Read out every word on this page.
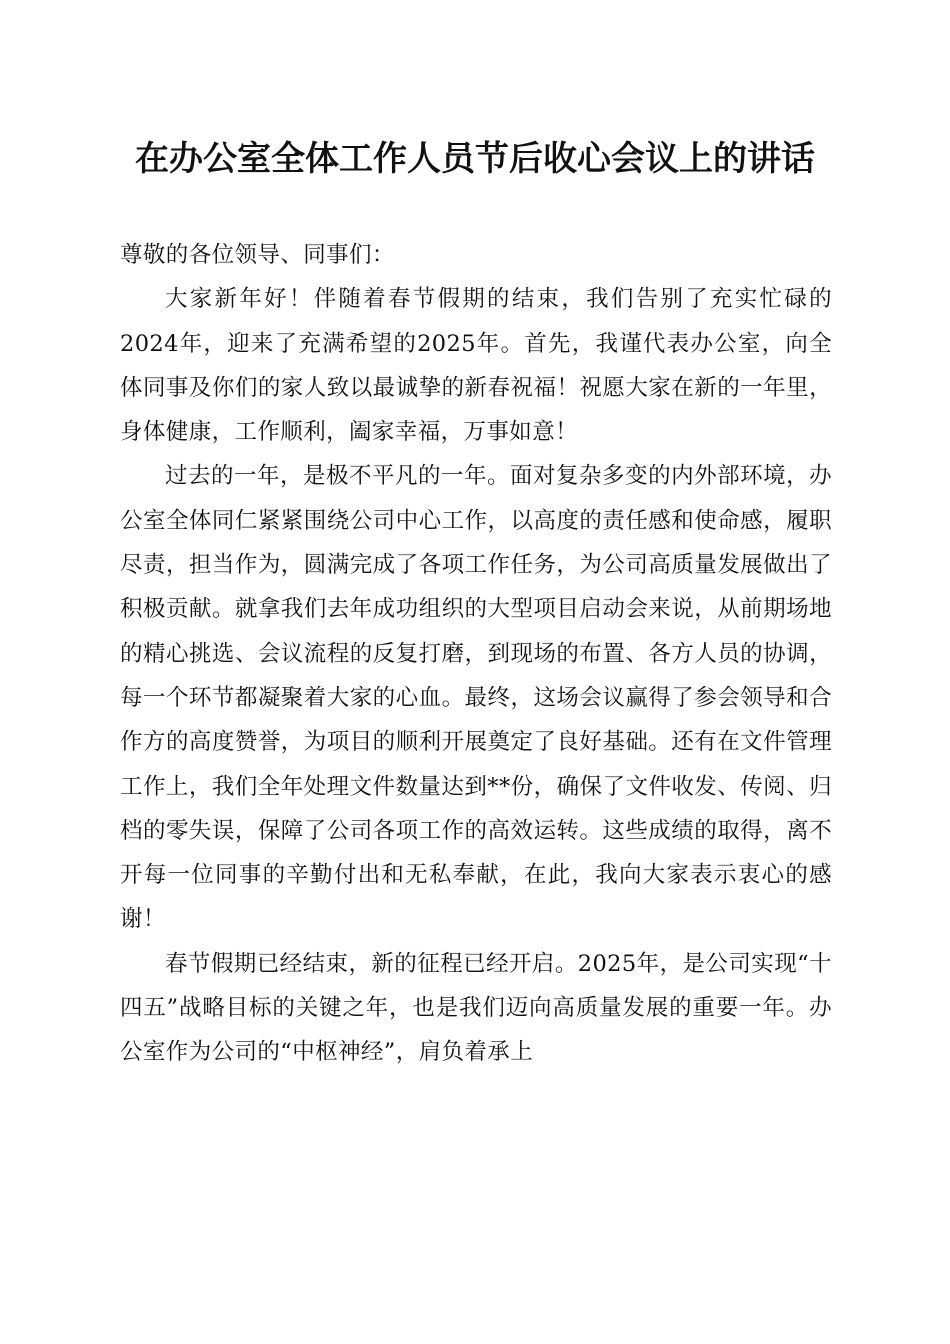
在办公室全体工作人员节后收心会议上的讲话

尊敬的各位领导、同事们：

大家新年好！伴随着春节假期的结束，我们告别了充实忙碌的2024年，迎来了充满希望的2025年。首先，我谨代表办公室，向全体同事及你们的家人致以最诚挚的新春祝福！祝愿大家在新的一年里，身体健康，工作顺利，阖家幸福，万事如意！

过去的一年，是极不平凡的一年。面对复杂多变的内外部环境，办公室全体同仁紧紧围绕公司中心工作，以高度的责任感和使命感，履职尽责，担当作为，圆满完成了各项工作任务，为公司高质量发展做出了积极贡献。就拿我们去年成功组织的大型项目启动会来说，从前期场地的精心挑选、会议流程的反复打磨，到现场的布置、各方人员的协调，每一个环节都凝聚着大家的心血。最终，这场会议赢得了参会领导和合作方的高度赞誉，为项目的顺利开展奠定了良好基础。还有在文件管理工作上，我们全年处理文件数量达到**份，确保了文件收发、传阅、归档的零失误，保障了公司各项工作的高效运转。这些成绩的取得，离不开每一位同事的辛勤付出和无私奉献，在此，我向大家表示衷心的感谢！

春节假期已经结束，新的征程已经开启。2025年，是公司实现“十四五”战略目标的关键之年，也是我们迈向高质量发展的重要一年。办公室作为公司的“中枢神经”，肩负着承上
